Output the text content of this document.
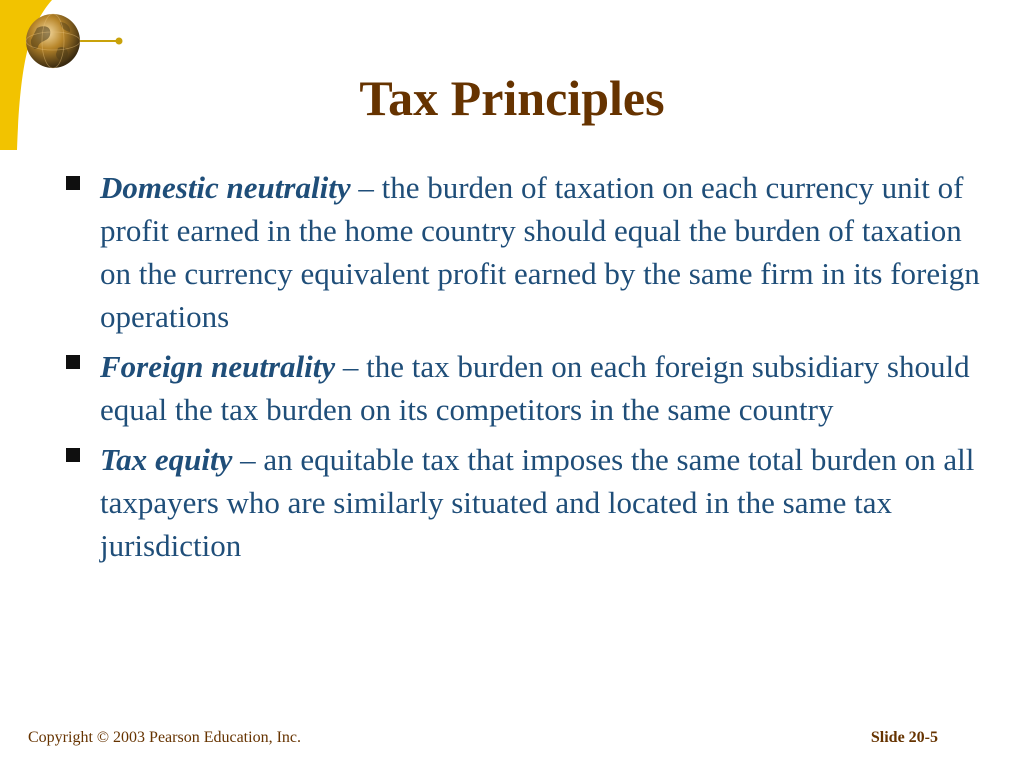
Tax Principles
Domestic neutrality – the burden of taxation on each currency unit of profit earned in the home country should equal the burden of taxation on the currency equivalent profit earned by the same firm in its foreign operations
Foreign neutrality – the tax burden on each foreign subsidiary should equal the tax burden on its competitors in the same country
Tax equity – an equitable tax that imposes the same total burden on all taxpayers who are similarly situated and located in the same tax jurisdiction
Copyright © 2003 Pearson Education, Inc.	Slide 20-5
